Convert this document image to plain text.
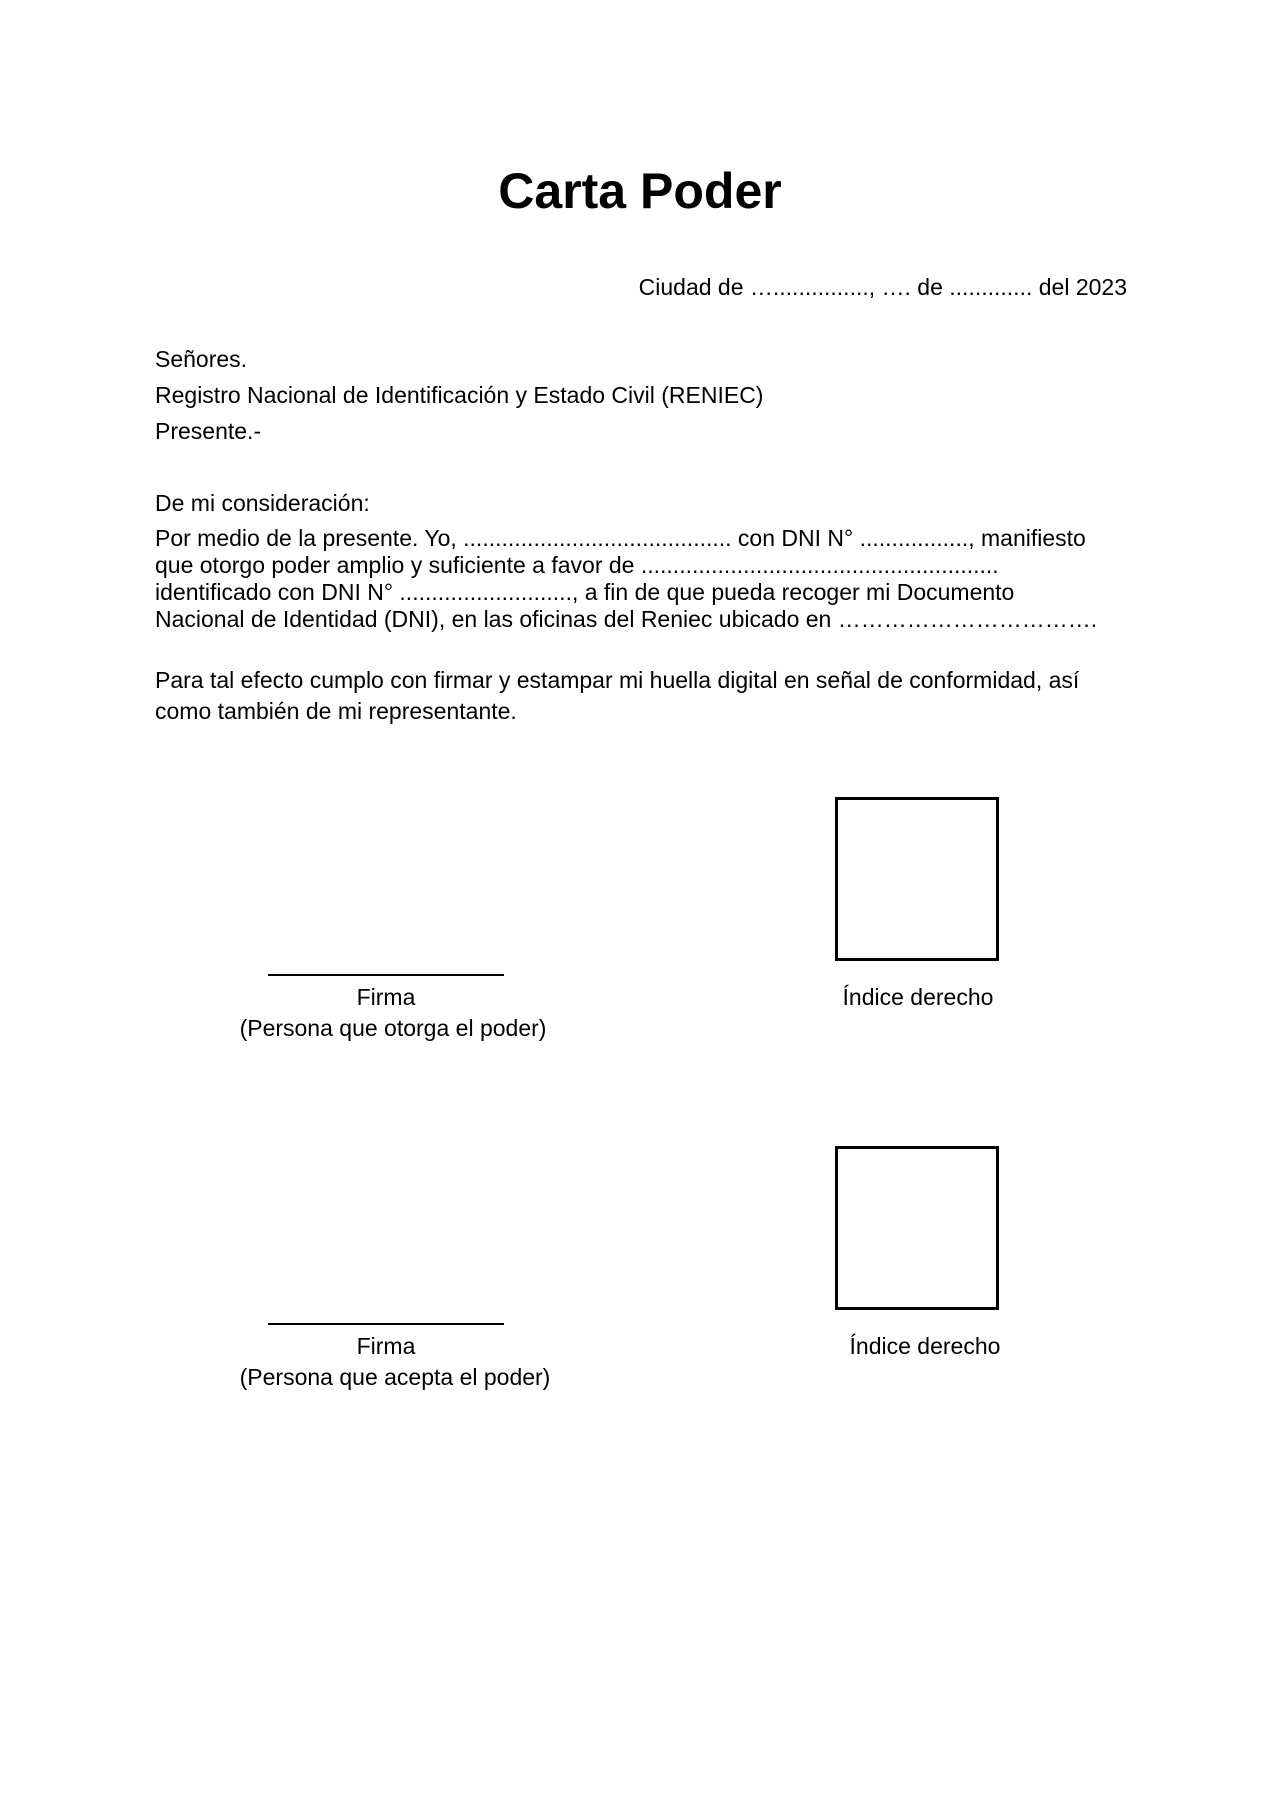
Carta Poder
Ciudad de …..............., …. de ............. del 2023
Señores.
Registro Nacional de Identificación y Estado Civil (RENIEC)
Presente.-
De mi consideración:
Por medio de la presente. Yo, .......................................... con DNI N° ................., manifiesto
que otorgo poder amplio y suficiente a favor de ........................................................
identificado con DNI N° ..........................., a fin de que pueda recoger mi Documento
Nacional de Identidad (DNI), en las oficinas del Reniec ubicado en …………………………….
Para tal efecto cumplo con firmar y estampar mi huella digital en señal de conformidad, así
como también de mi representante.
Firma
(Persona que otorga el poder)
Índice derecho
Firma
(Persona que acepta el poder)
Índice derecho
